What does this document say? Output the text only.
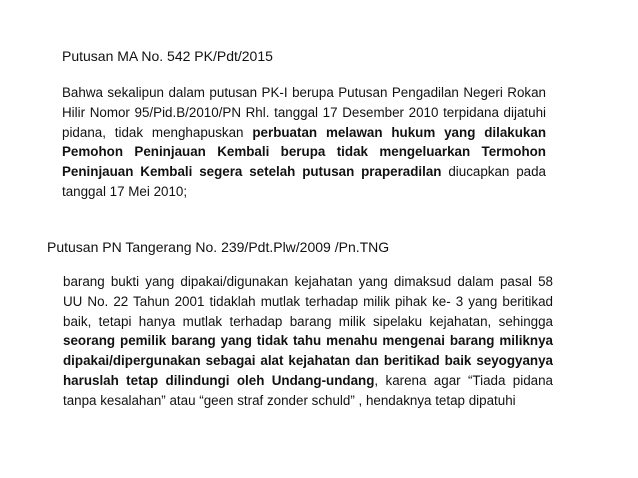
Putusan MA No. 542 PK/Pdt/2015
Bahwa sekalipun dalam putusan PK-I berupa Putusan Pengadilan Negeri Rokan Hilir Nomor 95/Pid.B/2010/PN Rhl. tanggal 17 Desember 2010 terpidana dijatuhi pidana, tidak menghapuskan perbuatan melawan hukum yang dilakukan Pemohon Peninjauan Kembali berupa tidak mengeluarkan Termohon Peninjauan Kembali segera setelah putusan praperadilan diucapkan pada tanggal 17 Mei 2010;
Putusan PN Tangerang No. 239/Pdt.Plw/2009 /Pn.TNG
barang bukti yang dipakai/digunakan kejahatan yang dimaksud dalam pasal 58 UU No. 22 Tahun 2001 tidaklah mutlak terhadap milik pihak ke- 3 yang beritikad baik, tetapi hanya mutlak terhadap barang milik sipelaku kejahatan, sehingga seorang pemilik barang yang tidak tahu menahu mengenai barang miliknya dipakai/dipergunakan sebagai alat kejahatan dan beritikad baik seyogyanya haruslah tetap dilindungi oleh Undang-undang, karena agar “Tiada pidana tanpa kesalahan” atau “geen straf zonder schuld” , hendaknya tetap dipatuhi
